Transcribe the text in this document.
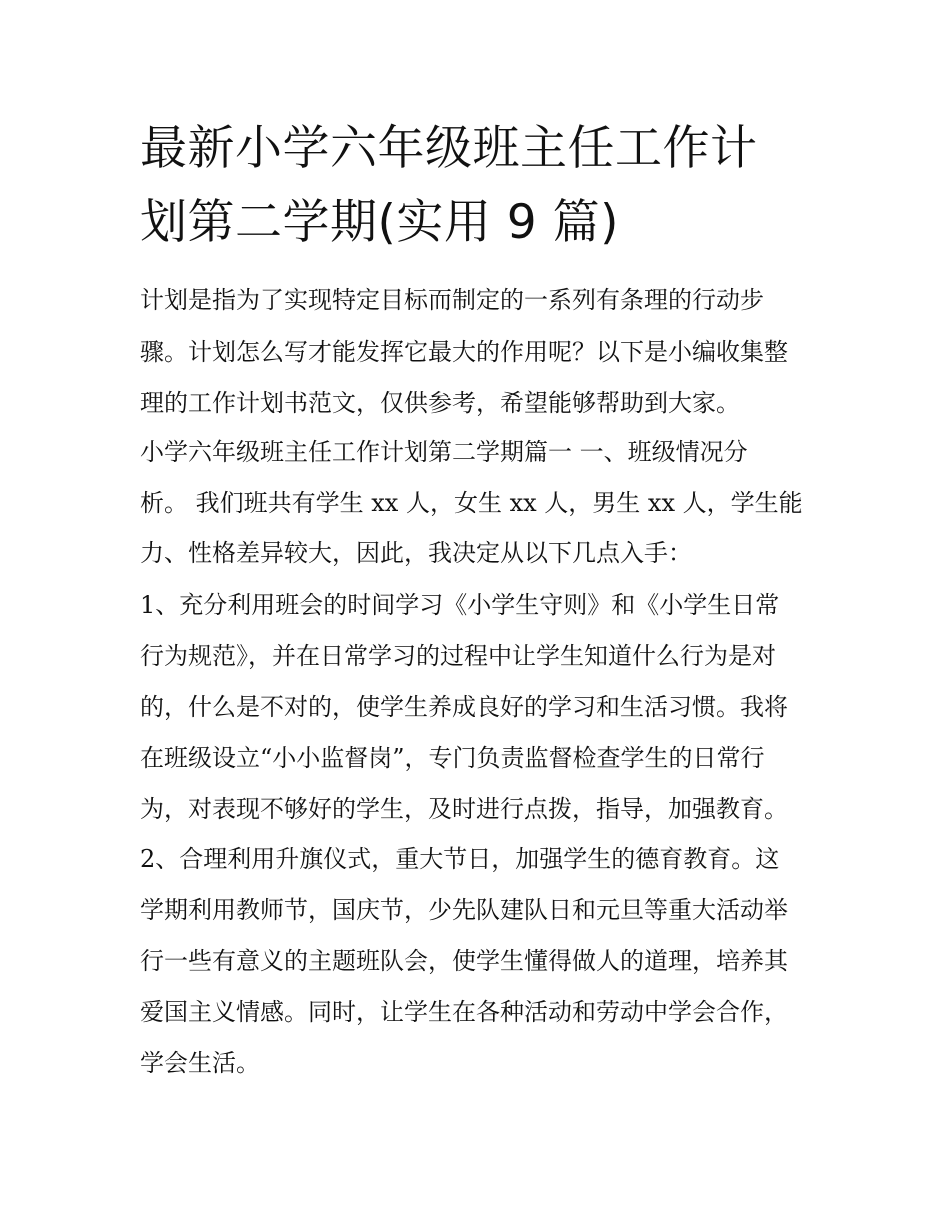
最新小学六年级班主任工作计
划第二学期(实用 9 篇)

计划是指为了实现特定目标而制定的一系列有条理的行动步

骤。计划怎么写才能发挥它最大的作用呢？以下是小编收集整

理的工作计划书范文，仅供参考，希望能够帮助到大家。

小学六年级班主任工作计划第二学期篇一 一、班级情况分

析。 我们班共有学生 xx 人，女生 xx 人，男生 xx 人，学生能

力、性格差异较大，因此，我决定从以下几点入手：

1、充分利用班会的时间学习《小学生守则》和《小学生日常

行为规范》，并在日常学习的过程中让学生知道什么行为是对

的，什么是不对的，使学生养成良好的学习和生活习惯。我将

在班级设立“小小监督岗”，专门负责监督检查学生的日常行

为，对表现不够好的学生，及时进行点拨，指导，加强教育。

2、合理利用升旗仪式，重大节日，加强学生的德育教育。这

学期利用教师节，国庆节，少先队建队日和元旦等重大活动举

行一些有意义的主题班队会，使学生懂得做人的道理，培养其

爱国主义情感。同时，让学生在各种活动和劳动中学会合作，

学会生活。
